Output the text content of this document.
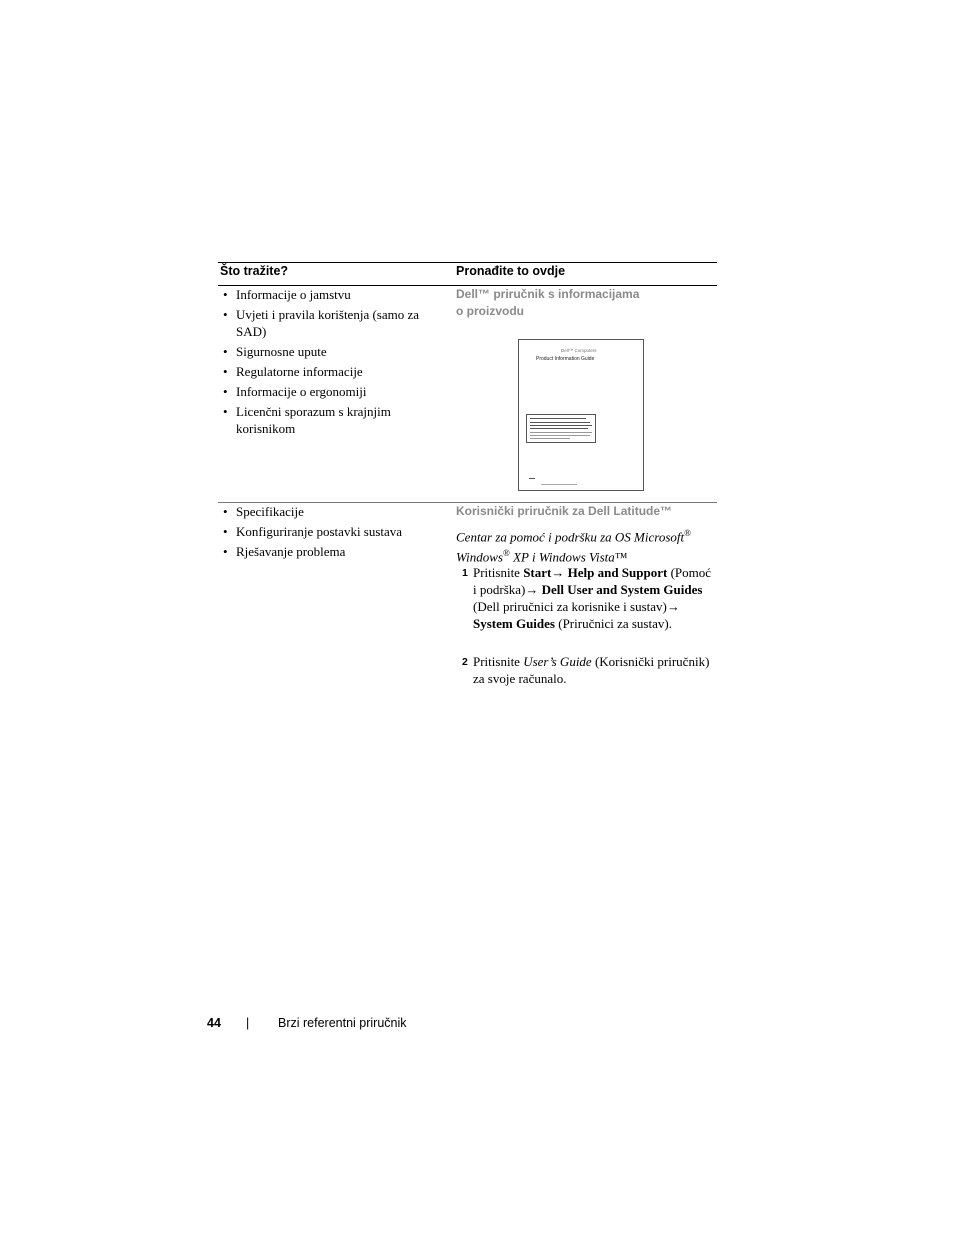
Što tražite?	Pronađite to ovdje
• Informacije o jamstvu
• Uvjeti i pravila korištenja (samo za SAD)
• Sigurnosne upute
• Regulatorne informacije
• Informacije o ergonomiji
• Licenčni sporazum s krajnjim korisnikom
Dell™ priručnik s informacijama
o proizvodu
Dell™ Computers
Product Information Guide
• Specifikacije
• Konfiguriranje postavki sustava
• Rješavanje problema
Korisnički priručnik za Dell Latitude™
Centar za pomoć i podršku za OS Microsoft®
Windows® XP i Windows Vista™
1 Pritisnite Start→ Help and Support (Pomoć i podrška)→ Dell User and System Guides (Dell priručnici za korisnike i sustav)→ System Guides (Priručnici za sustav).
2 Pritisnite User’s Guide (Korisnički priručnik) za svoje računalo.
44 | Brzi referentni priručnik
